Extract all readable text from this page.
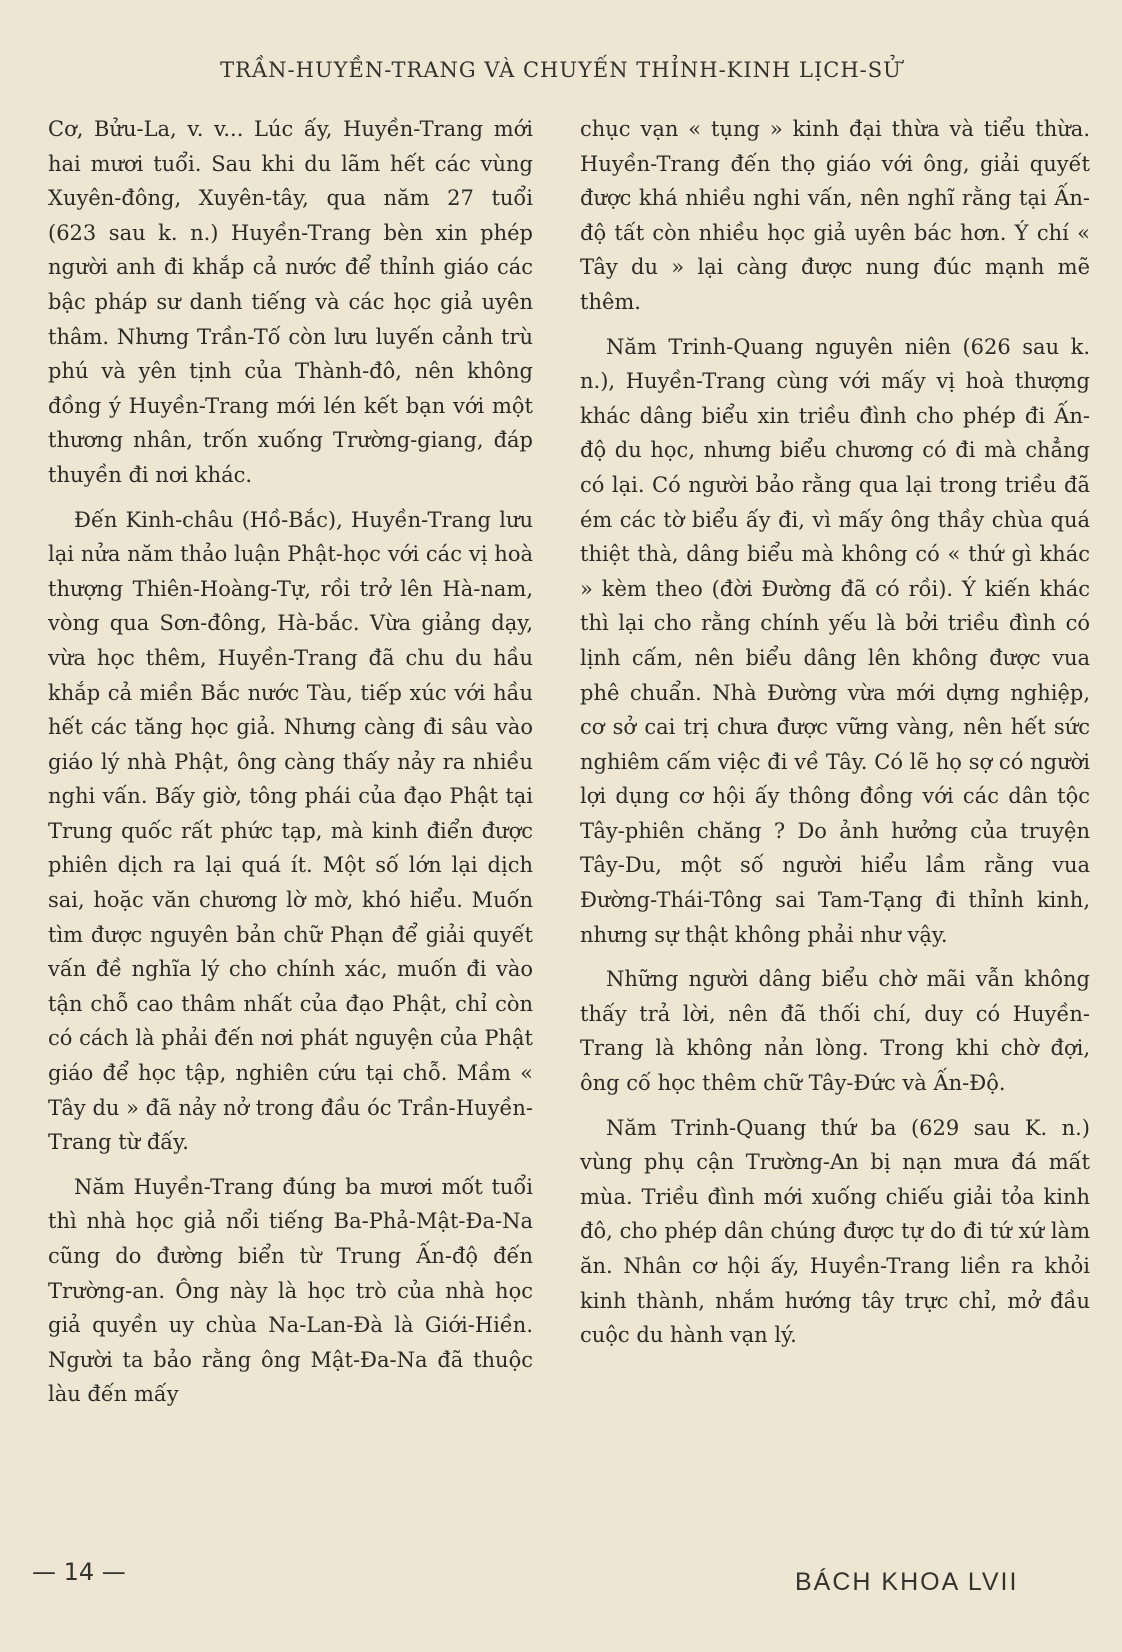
TRẦN-HUYỀN-TRANG VÀ CHUYẾN THỈNH-KINH LỊCH-SỬ

Cơ, Bửu-La, v. v... Lúc ấy, Huyền-Trang mới hai mươi tuổi. Sau khi du lãm hết các vùng Xuyên-đông, Xuyên-tây, qua năm 27 tuổi (623 sau k. n.) Huyền-Trang bèn xin phép người anh đi khắp cả nước để thỉnh giáo các bậc pháp sư danh tiếng và các học giả uyên thâm. Nhưng Trần-Tố còn lưu luyến cảnh trù phú và yên tịnh của Thành-đô, nên không đồng ý Huyền-Trang mới lén kết bạn với một thương nhân, trốn xuống Trường-giang, đáp thuyền đi nơi khác.

Đến Kinh-châu (Hồ-Bắc), Huyền-Trang lưu lại nửa năm thảo luận Phật-học với các vị hoà thượng Thiên-Hoàng-Tự, rồi trở lên Hà-nam, vòng qua Sơn-đông, Hà-bắc. Vừa giảng dạy, vừa học thêm, Huyền-Trang đã chu du hầu khắp cả miền Bắc nước Tàu, tiếp xúc với hầu hết các tăng học giả. Nhưng càng đi sâu vào giáo lý nhà Phật, ông càng thấy nảy ra nhiều nghi vấn. Bấy giờ, tông phái của đạo Phật tại Trung quốc rất phức tạp, mà kinh điển được phiên dịch ra lại quá ít. Một số lớn lại dịch sai, hoặc văn chương lờ mờ, khó hiểu. Muốn tìm được nguyên bản chữ Phạn để giải quyết vấn đề nghĩa lý cho chính xác, muốn đi vào tận chỗ cao thâm nhất của đạo Phật, chỉ còn có cách là phải đến nơi phát nguyện của Phật giáo để học tập, nghiên cứu tại chỗ. Mầm « Tây du » đã nảy nở trong đầu óc Trần-Huyền-Trang từ đấy.

Năm Huyền-Trang đúng ba mươi mốt tuổi thì nhà học giả nổi tiếng Ba-Phả-Mật-Đa-Na cũng do đường biển từ Trung Ấn-độ đến Trường-an. Ông này là học trò của nhà học giả quyền uy chùa Na-Lan-Đà là Giới-Hiền. Người ta bảo rằng ông Mật-Đa-Na đã thuộc làu đến mấy

chục vạn « tụng » kinh đại thừa và tiểu thừa. Huyền-Trang đến thọ giáo với ông, giải quyết được khá nhiều nghi vấn, nên nghĩ rằng tại Ấn-độ tất còn nhiều học giả uyên bác hơn. Ý chí « Tây du » lại càng được nung đúc mạnh mẽ thêm.

Năm Trinh-Quang nguyên niên (626 sau k. n.), Huyền-Trang cùng với mấy vị hoà thượng khác dâng biểu xin triều đình cho phép đi Ấn-độ du học, nhưng biểu chương có đi mà chẳng có lại. Có người bảo rằng qua lại trong triều đã ém các tờ biểu ấy đi, vì mấy ông thầy chùa quá thiệt thà, dâng biểu mà không có « thứ gì khác » kèm theo (đời Đường đã có rồi). Ý kiến khác thì lại cho rằng chính yếu là bởi triều đình có lịnh cấm, nên biểu dâng lên không được vua phê chuẩn. Nhà Đường vừa mới dựng nghiệp, cơ sở cai trị chưa được vững vàng, nên hết sức nghiêm cấm việc đi về Tây. Có lẽ họ sợ có người lợi dụng cơ hội ấy thông đồng với các dân tộc Tây-phiên chăng ? Do ảnh hưởng của truyện Tây-Du, một số người hiểu lầm rằng vua Đường-Thái-Tông sai Tam-Tạng đi thỉnh kinh, nhưng sự thật không phải như vậy.

Những người dâng biểu chờ mãi vẫn không thấy trả lời, nên đã thối chí, duy có Huyền-Trang là không nản lòng. Trong khi chờ đợi, ông cố học thêm chữ Tây-Đức và Ấn-Độ.

Năm Trinh-Quang thứ ba (629 sau K. n.) vùng phụ cận Trường-An bị nạn mưa đá mất mùa. Triều đình mới xuống chiếu giải tỏa kinh đô, cho phép dân chúng được tự do đi tứ xứ làm ăn. Nhân cơ hội ấy, Huyền-Trang liền ra khỏi kinh thành, nhắm hướng tây trực chỉ, mở đầu cuộc du hành vạn lý.

— 14 —	BÁCH KHOA LVII
